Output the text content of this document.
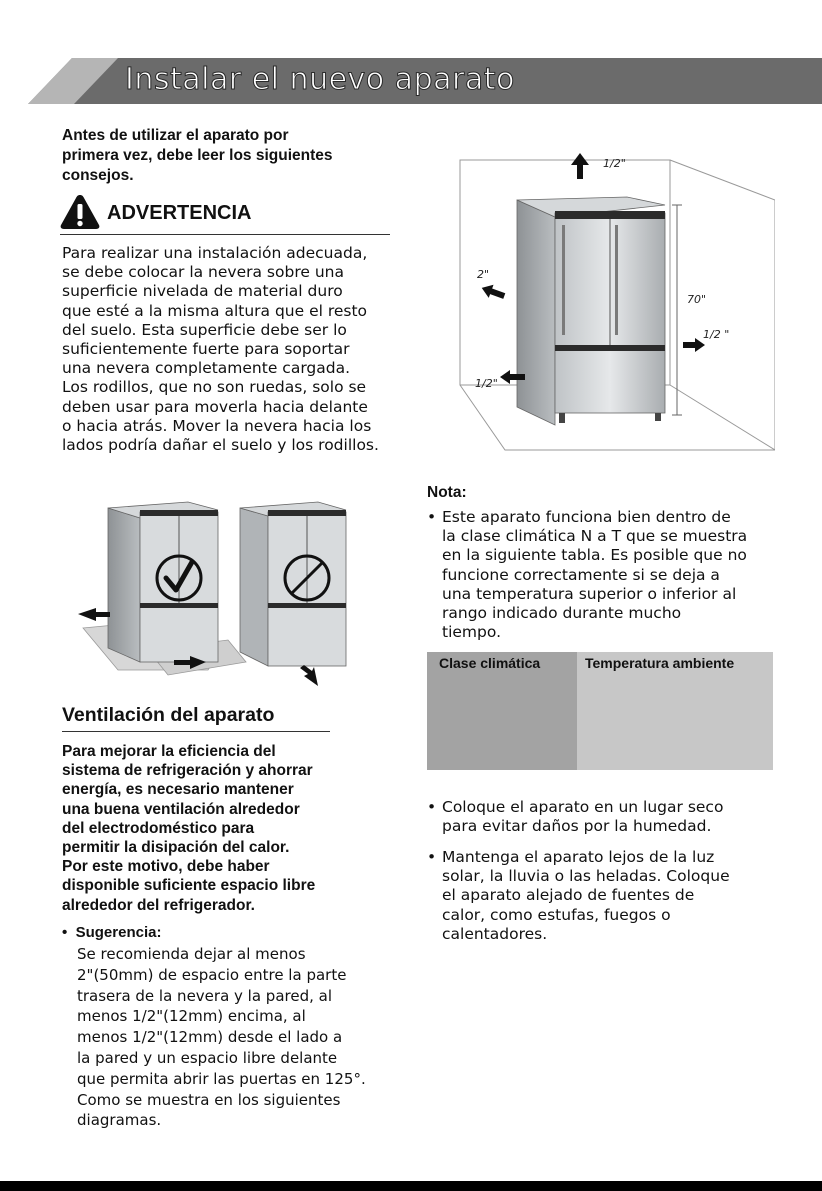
Instalar el nuevo aparato
Antes de utilizar el aparato por
primera vez, debe leer los siguientes
consejos.
ADVERTENCIA
Para realizar una instalación adecuada,
se debe colocar la nevera sobre una
superficie nivelada de material duro
que esté a la misma altura que el resto
del suelo. Esta superficie debe ser lo
suficientemente fuerte para soportar
una nevera completamente cargada.
Los rodillos, que no son ruedas, solo se
deben usar para moverla hacia delante
o hacia atrás. Mover la nevera hacia los
lados podría dañar el suelo y los rodillos.
1/2"
2"
70"
1/2 "
1/2"
Ventilación del aparato
Para mejorar la eficiencia del
sistema de refrigeración y ahorrar
energía, es necesario mantener
una buena ventilación alrededor
del electrodoméstico para
permitir la disipación del calor.
Por este motivo, debe haber
disponible suficiente espacio libre
alrededor del refrigerador.
•  Sugerencia:
Se recomienda dejar al menos
2"(50mm) de espacio entre la parte
trasera de la nevera y la pared, al
menos 1/2"(12mm) encima, al
menos 1/2"(12mm) desde el lado a
la pared y un espacio libre delante
que permita abrir las puertas en 125°.
Como se muestra en los siguientes
diagramas.
Nota:
• Este aparato funciona bien dentro de
la clase climática N a T que se muestra
en la siguiente tabla. Es posible que no
funcione correctamente si se deja a
una temperatura superior o inferior al
rango indicado durante mucho
tiempo.
Clase climática	Temperatura ambiente
• Coloque el aparato en un lugar seco
para evitar daños por la humedad.
• Mantenga el aparato lejos de la luz
solar, la lluvia o las heladas. Coloque
el aparato alejado de fuentes de
calor, como estufas, fuegos o
calentadores.
